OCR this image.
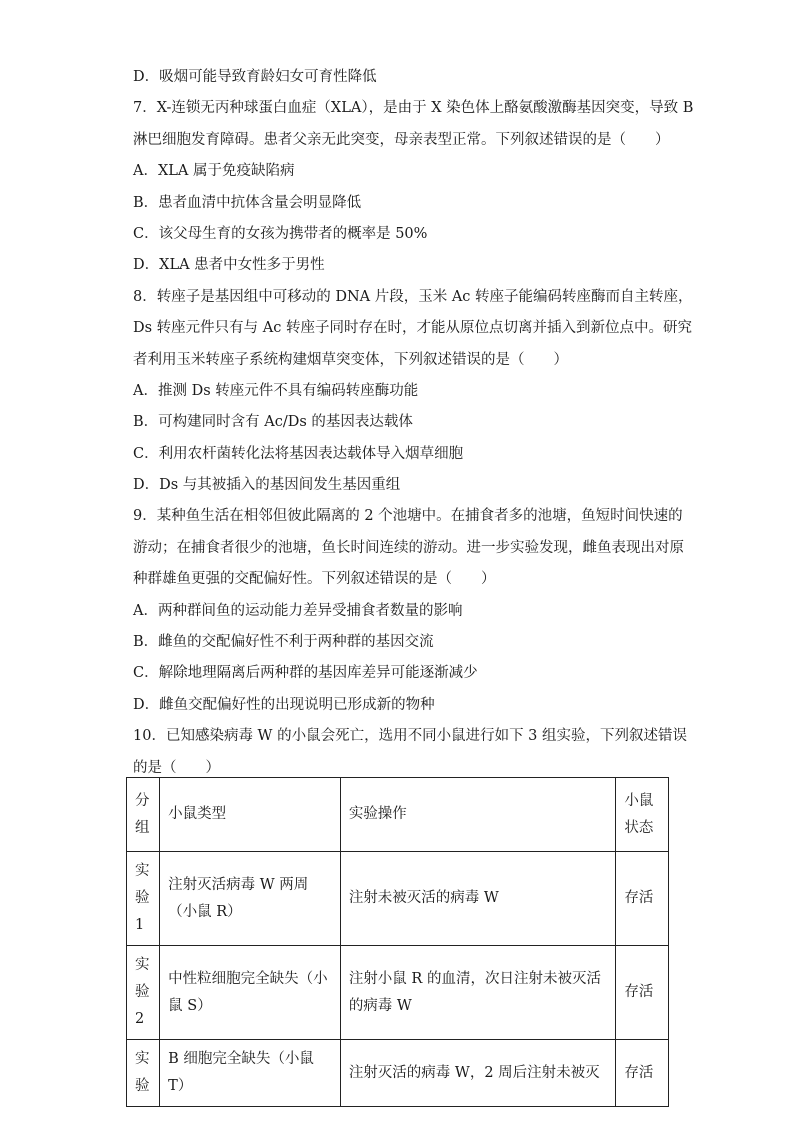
D．吸烟可能导致育龄妇女可育性降低
7．X-连锁无丙种球蛋白血症（XLA），是由于 X 染色体上酪氨酸激酶基因突变，导致 B
淋巴细胞发育障碍。患者父亲无此突变，母亲表型正常。下列叙述错误的是（　　）
A．XLA 属于免疫缺陷病
B．患者血清中抗体含量会明显降低
C．该父母生育的女孩为携带者的概率是 50%
D．XLA 患者中女性多于男性
8．转座子是基因组中可移动的 DNA 片段，玉米 Ac 转座子能编码转座酶而自主转座，
Ds 转座元件只有与 Ac 转座子同时存在时，才能从原位点切离并插入到新位点中。研究
者利用玉米转座子系统构建烟草突变体，下列叙述错误的是（　　）
A．推测 Ds 转座元件不具有编码转座酶功能
B．可构建同时含有 Ac/Ds 的基因表达载体
C．利用农杆菌转化法将基因表达载体导入烟草细胞
D．Ds 与其被插入的基因间发生基因重组
9．某种鱼生活在相邻但彼此隔离的 2 个池塘中。在捕食者多的池塘，鱼短时间快速的
游动；在捕食者很少的池塘，鱼长时间连续的游动。进一步实验发现，雌鱼表现出对原
种群雄鱼更强的交配偏好性。下列叙述错误的是（　　）
A．两种群间鱼的运动能力差异受捕食者数量的影响
B．雌鱼的交配偏好性不利于两种群的基因交流
C．解除地理隔离后两种群的基因库差异可能逐渐减少
D．雌鱼交配偏好性的出现说明已形成新的物种
10．已知感染病毒 W 的小鼠会死亡，选用不同小鼠进行如下 3 组实验，下列叙述错误
的是（　　）
分组	小鼠类型	实验操作	小鼠状态
实验1	注射灭活病毒 W 两周（小鼠 R）	注射未被灭活的病毒 W	存活
实验2	中性粒细胞完全缺失（小鼠 S）	注射小鼠 R 的血清，次日注射未被灭活的病毒 W	存活
实验	B 细胞完全缺失（小鼠 T）	注射灭活的病毒 W，2 周后注射未被灭	存活
